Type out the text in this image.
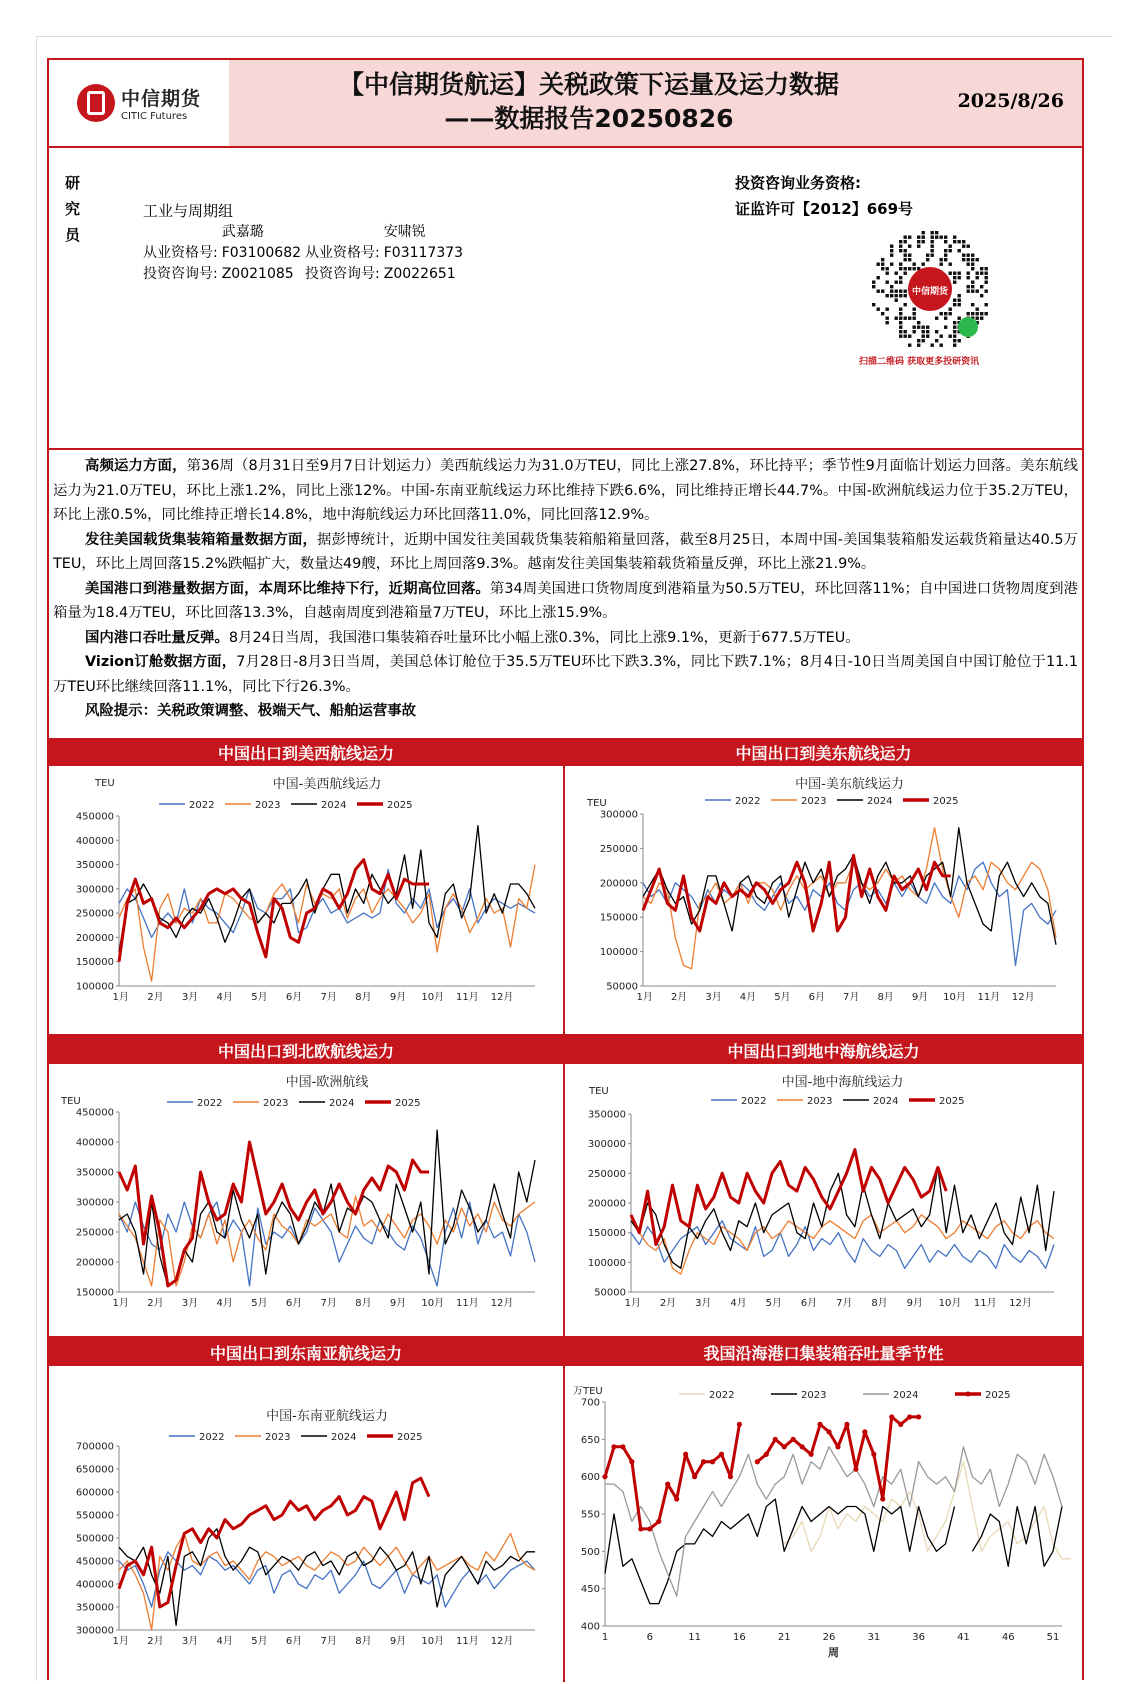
中信期货
CITIC Futures
【中信期货航运】关税政策下运量及运力数据
——数据报告20250826
2025/8/26
研究员
工业与周期组
	武嘉璐		安啸锐
从业资格号:	F03100682	从业资格号:	F03117373
投资咨询号:	Z0021085	投资咨询号:	Z0022651
投资咨询业务资格:
证监许可【2012】669号
中信期货
扫描二维码 获取更多投研资讯

高频运力方面，第36周（8月31日至9月7日计划运力）美西航线运力为31.0万TEU，同比上涨27.8%，环比持平；季节性9月面临计划运力回落。美东航线运力为21.0万TEU，环比上涨1.2%，同比上涨12%。中国-东南亚航线运力环比维持下跌6.6%，同比维持正增长44.7%。中国-欧洲航线运力位于35.2万TEU，环比上涨0.5%，同比维持正增长14.8%，地中海航线运力环比回落11.0%，同比回落12.9%。

发往美国载货集装箱箱量数据方面，据彭博统计，近期中国发往美国载货集装箱船箱量回落，截至8月25日，本周中国-美国集装箱船发运载货箱量达40.5万TEU，环比上周回落15.2%跌幅扩大，数量达49艘，环比上周回落9.3%。越南发往美国集装箱载货箱量反弹，环比上涨21.9%。

美国港口到港量数据方面，本周环比维持下行，近期高位回落。第34周美国进口货物周度到港箱量为50.5万TEU，环比回落11%；自中国进口货物周度到港箱量为18.4万TEU，环比回落13.3%，自越南周度到港箱量7万TEU，环比上涨15.9%。

国内港口吞吐量反弹。8月24日当周，我国港口集装箱吞吐量环比小幅上涨0.3%，同比上涨9.1%，更新于677.5万TEU。

Vizion订舱数据方面，7月28日-8月3日当周，美国总体订舱位于35.5万TEU环比下跌3.3%，同比下跌7.1%；8月4日-10日当周美国自中国订舱位于11.1万TEU环比继续回落11.1%，同比下行26.3%。

风险提示：关税政策调整、极端天气、船舶运营事故

中国出口到美西航线运力
中国-美西航线运力
TEU
2022	2023	2024	2025
100000
150000
200000
250000
300000
350000
400000
450000
1月 2月 3月 4月 5月 6月 7月 8月 9月 10月 11月 12月
中国出口到美东航线运力
中国-美东航线运力
TEU	2022	2023	2024	2025
50000
100000
150000
200000
250000
300000
1月 2月 3月 4月 5月 6月 7月 8月 9月 10月 11月 12月
中国出口到北欧航线运力
中国-欧洲航线
TEU	2022	2023	2024	2025
150000
200000
250000
300000
350000
400000
450000
1月 2月 3月 4月 5月 6月 7月 8月 9月 10月 11月 12月
中国出口到地中海航线运力
中国-地中海航线运力
TEU
2022	2023	2024	2025
50000
100000
150000
200000
250000
300000
350000
1月 2月 3月 4月 5月 6月 7月 8月 9月 10月 11月 12月
中国出口到东南亚航线运力
中国-东南亚航线运力
2022	2023	2024	2025
300000
350000
400000
450000
500000
550000
600000
650000
700000
1月 2月 3月 4月 5月 6月 7月 8月 9月 10月 11月 12月
我国沿海港口集装箱吞吐量季节性
万TEU	2022	2023	2024	2025
400
450
500
550
600
650
700
1	6	11	16	21	26	31	36	41	46	51
周
